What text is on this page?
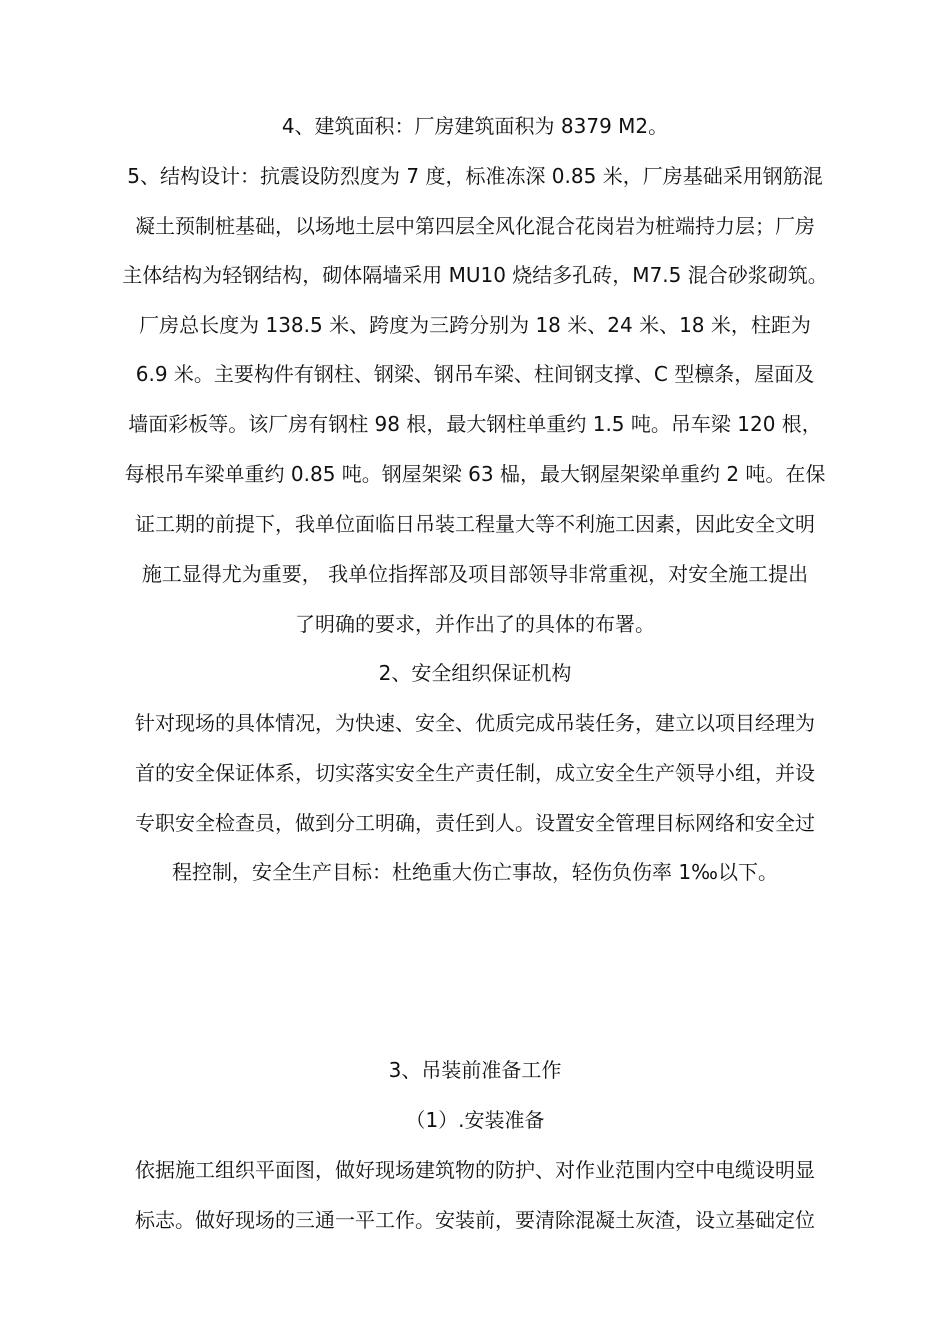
4、建筑面积：厂房建筑面积为 8379 M2。
5、结构设计：抗震设防烈度为 7 度，标准冻深 0.85 米，厂房基础采用钢筋混
凝土预制桩基础，以场地土层中第四层全风化混合花岗岩为桩端持力层；厂房
主体结构为轻钢结构，砌体隔墙采用 MU10 烧结多孔砖，M7.5 混合砂浆砌筑。
厂房总长度为 138.5 米、跨度为三跨分别为 18 米、24 米、18 米，柱距为
6.9 米。主要构件有钢柱、钢梁、钢吊车梁、柱间钢支撑、C 型檩条，屋面及
墙面彩板等。该厂房有钢柱 98 根，最大钢柱单重约 1.5 吨。吊车梁 120 根，
每根吊车梁单重约 0.85 吨。钢屋架梁 63 榀，最大钢屋架梁单重约 2 吨。在保
证工期的前提下，我单位面临日吊装工程量大等不利施工因素，因此安全文明
施工显得尤为重要， 我单位指挥部及项目部领导非常重视，对安全施工提出
了明确的要求，并作出了的具体的布署。
2、安全组织保证机构
针对现场的具体情况，为快速、安全、优质完成吊装任务，建立以项目经理为
首的安全保证体系，切实落实安全生产责任制，成立安全生产领导小组，并设
专职安全检查员，做到分工明确，责任到人。设置安全管理目标网络和安全过
程控制，安全生产目标：杜绝重大伤亡事故，轻伤负伤率 1‰以下。
3、吊装前准备工作
（1）.安装准备
依据施工组织平面图，做好现场建筑物的防护、对作业范围内空中电缆设明显
标志。做好现场的三通一平工作。安装前，要清除混凝土灰渣，设立基础定位
